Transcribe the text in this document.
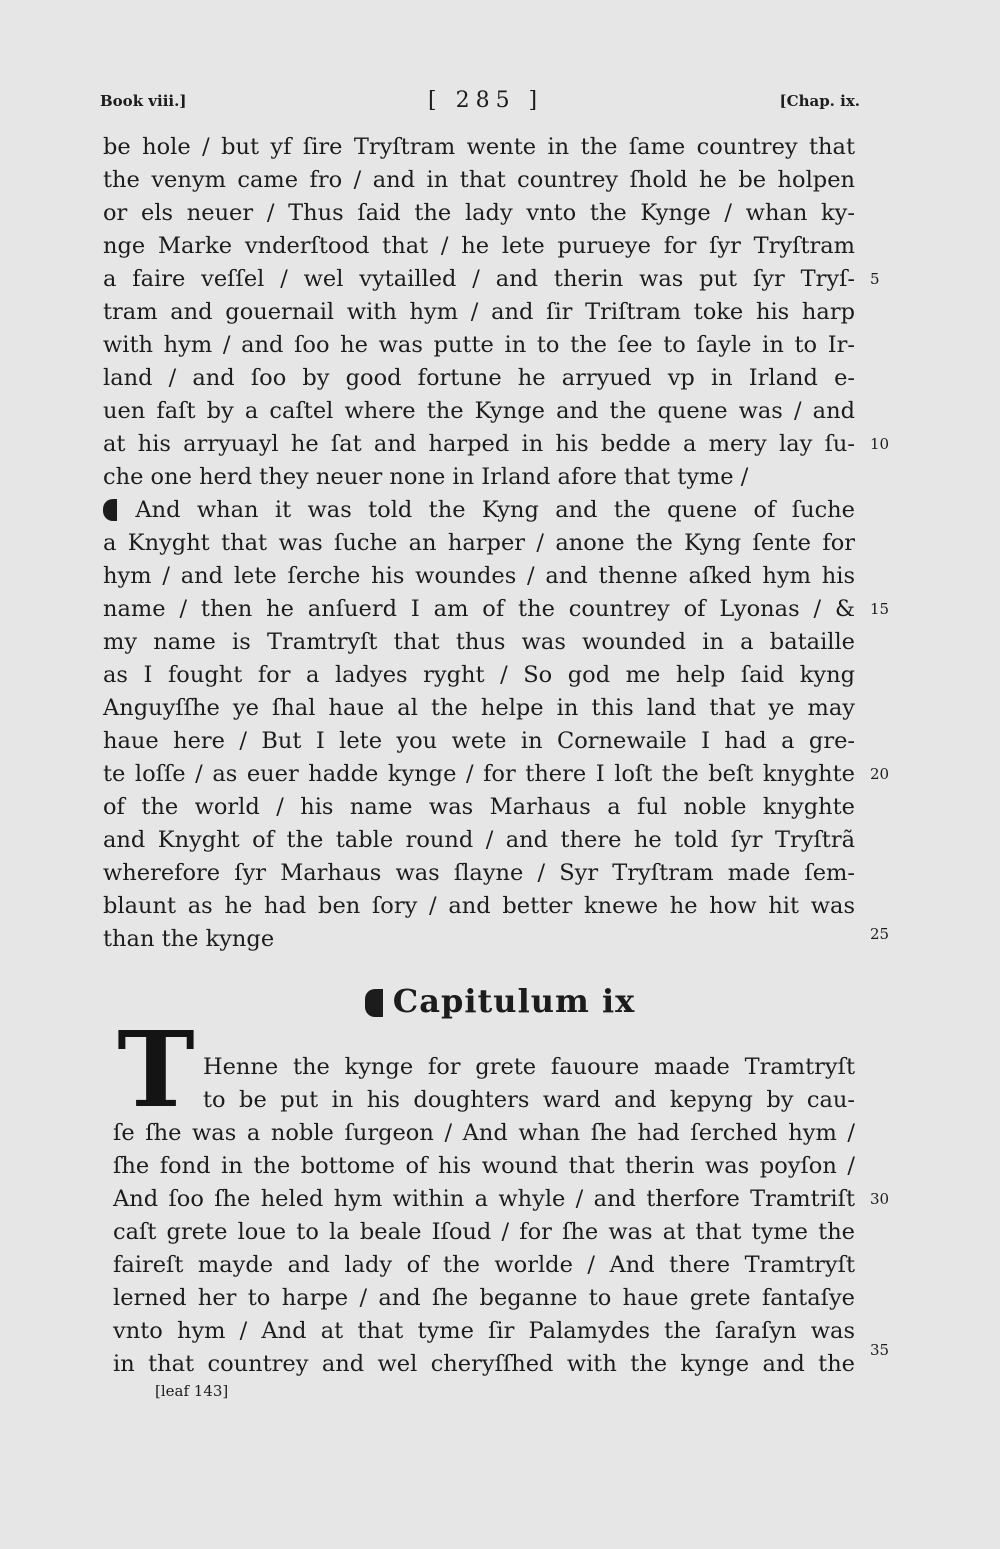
Book viii.]	[ 285 ]	[Chap. ix.
be hole / but yf ſire Tryſtram wente in the ſame countrey that
the venym came fro / and in that countrey ſhold he be holpen
or els neuer / Thus ſaid the lady vnto the Kynge / whan ky-
nge Marke vnderſtood that / he lete purueye for ſyr Tryſtram
a faire veſſel / wel vytailled / and therin was put ſyr Tryſ-
tram and gouernail with hym / and ſir Triſtram toke his harp
with hym / and ſoo he was putte in to the ſee to ſayle in to Ir-
land / and ſoo by good fortune he arryued vp in Irland e-
uen faſt by a caſtel where the Kynge and the quene was / and
at his arryuayl he ſat and harped in his bedde a mery lay ſu-
che one herd they neuer none in Irland afore that tyme /
And whan it was told the Kyng and the quene of ſuche
a Knyght that was ſuche an harper / anone the Kyng ſente for
hym / and lete ſerche his woundes / and thenne aſked hym his
name / then he anſuerd I am of the countrey of Lyonas / &
my name is Tramtryſt that thus was wounded in a bataille
as I fought for a ladyes ryght / So god me help ſaid kyng
Anguyſſhe ye ſhal haue al the helpe in this land that ye may
haue here / But I lete you wete in Cornewaile I had a gre-
te loſſe / as euer hadde kynge / for there I loſt the beſt knyghte
of the world / his name was Marhaus a ful noble knyghte
and Knyght of the table round / and there he told ſyr Tryſtrã
wherefore ſyr Marhaus was ſlayne / Syr Tryſtram made ſem-
blaunt as he had ben ſory / and better knewe he how hit was
than the kynge
5
10
15
20
25
Capitulum ix
T Henne the kynge for grete fauoure maade Tramtryſt
to be put in his doughters ward and kepyng by cau-
ſe ſhe was a noble ſurgeon / And whan ſhe had ſerched hym /
ſhe fond in the bottome of his wound that therin was poyſon /
And ſoo ſhe heled hym within a whyle / and therfore Tramtriſt
caſt grete loue to la beale Iſoud / for ſhe was at that tyme the
faireſt mayde and lady of the worlde / And there Tramtryſt
lerned her to harpe / and ſhe beganne to haue grete fantaſye
vnto hym / And at that tyme ſir Palamydes the ſaraſyn was
in that countrey and wel cheryſſhed with the kynge and the
30
35
[leaf 143]
